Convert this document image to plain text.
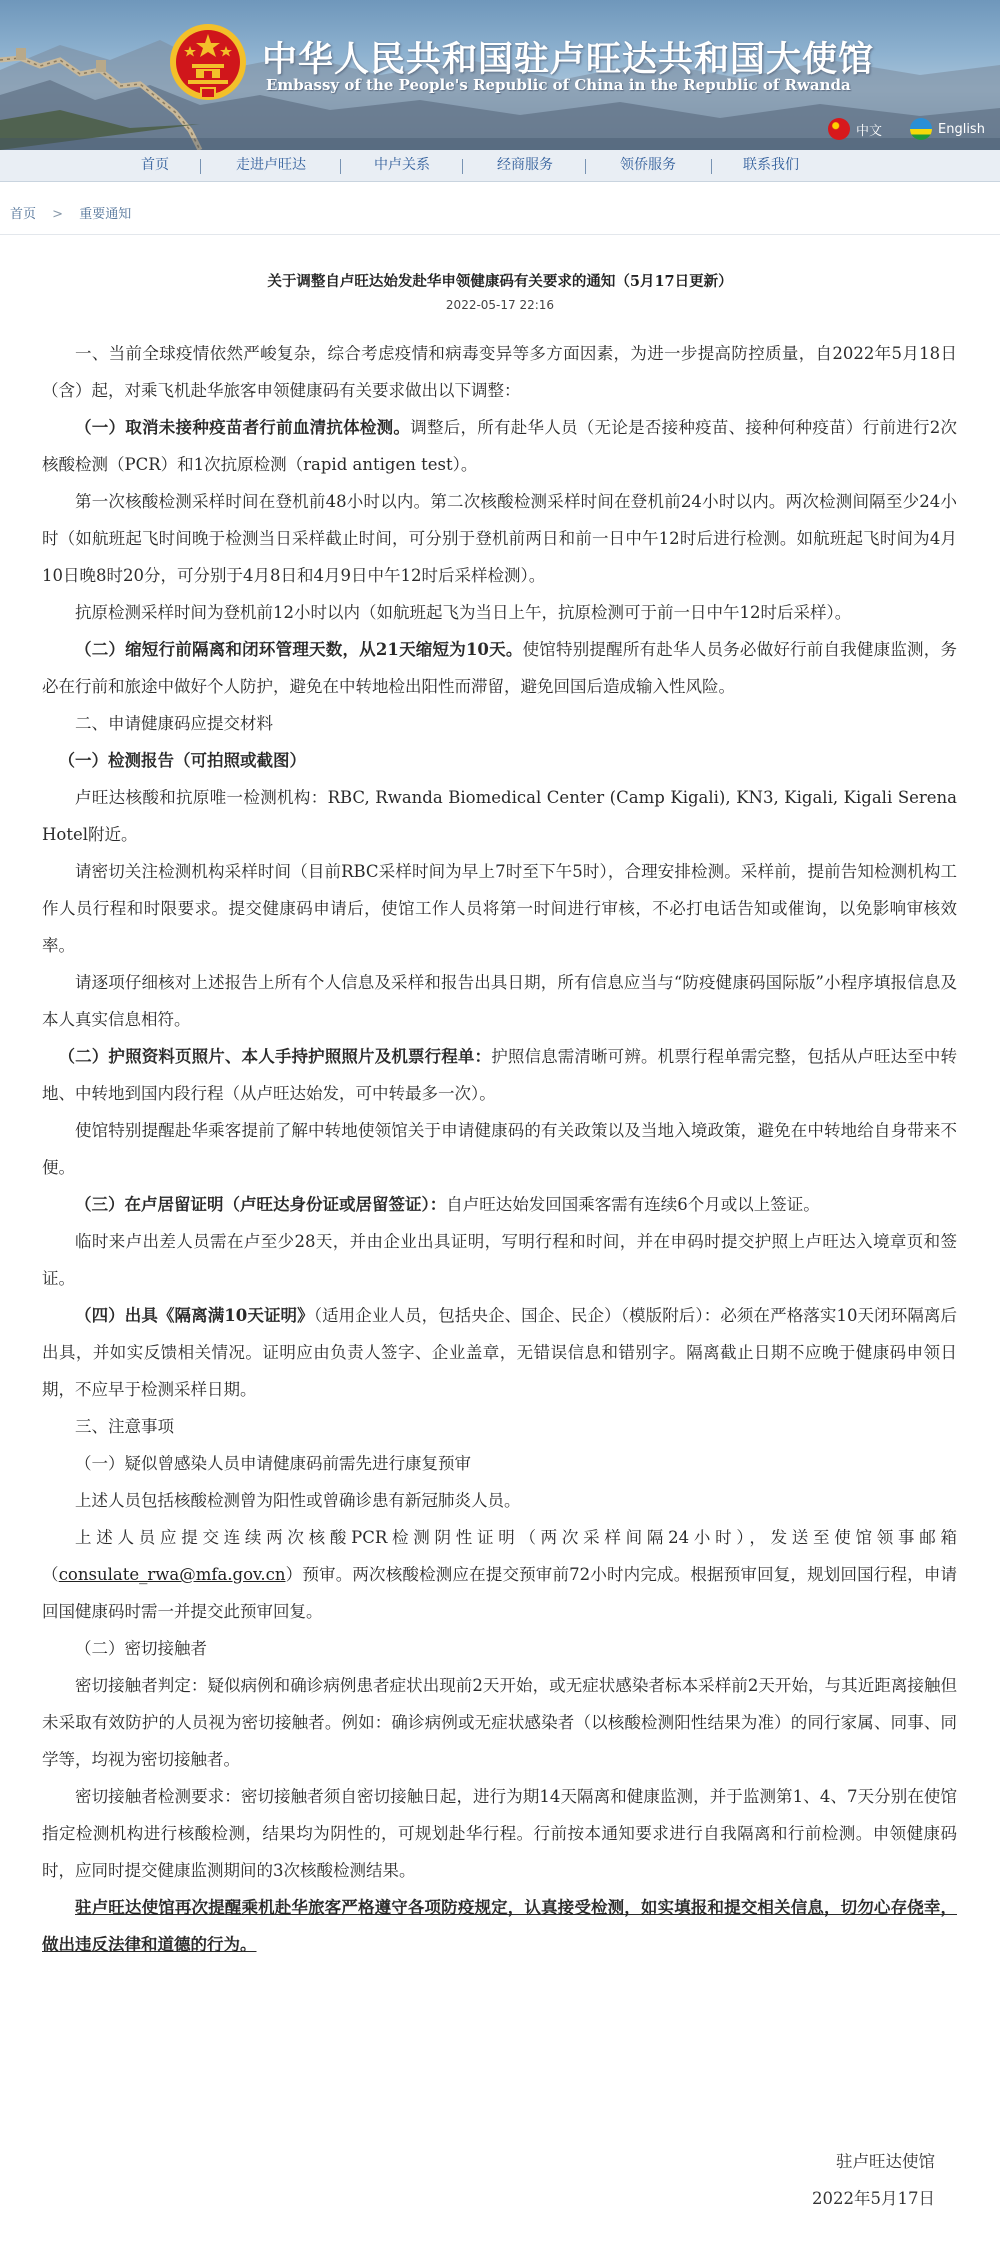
中华人民共和国驻卢旺达共和国大使馆
Embassy of the People's Republic of China in the Republic of Rwanda
中文	English
首页	走进卢旺达	中卢关系	经商服务	领侨服务	联系我们
首页 > 重要通知
关于调整自卢旺达始发赴华申领健康码有关要求的通知（5月17日更新）
2022-05-17 22:16

一、当前全球疫情依然严峻复杂，综合考虑疫情和病毒变异等多方面因素，为进一步提高防控质量，自2022年5月18日（含）起，对乘飞机赴华旅客申领健康码有关要求做出以下调整：

（一）取消未接种疫苗者行前血清抗体检测。调整后，所有赴华人员（无论是否接种疫苗、接种何种疫苗）行前进行2次核酸检测（PCR）和1次抗原检测（rapid antigen test）。

第一次核酸检测采样时间在登机前48小时以内。第二次核酸检测采样时间在登机前24小时以内。两次检测间隔至少24小时（如航班起飞时间晚于检测当日采样截止时间，可分别于登机前两日和前一日中午12时后进行检测。如航班起飞时间为4月10日晚8时20分，可分别于4月8日和4月9日中午12时后采样检测）。

抗原检测采样时间为登机前12小时以内（如航班起飞为当日上午，抗原检测可于前一日中午12时后采样）。

（二）缩短行前隔离和闭环管理天数，从21天缩短为10天。使馆特别提醒所有赴华人员务必做好行前自我健康监测，务必在行前和旅途中做好个人防护，避免在中转地检出阳性而滞留，避免回国后造成输入性风险。

二、申请健康码应提交材料

（一）检测报告（可拍照或截图）

卢旺达核酸和抗原唯一检测机构：RBC, Rwanda Biomedical Center (Camp Kigali), KN3, Kigali, Kigali Serena Hotel附近。

请密切关注检测机构采样时间（目前RBC采样时间为早上7时至下午5时），合理安排检测。采样前，提前告知检测机构工作人员行程和时限要求。提交健康码申请后，使馆工作人员将第一时间进行审核，不必打电话告知或催询，以免影响审核效率。

请逐项仔细核对上述报告上所有个人信息及采样和报告出具日期，所有信息应当与“防疫健康码国际版”小程序填报信息及本人真实信息相符。

（二）护照资料页照片、本人手持护照照片及机票行程单：护照信息需清晰可辨。机票行程单需完整，包括从卢旺达至中转地、中转地到国内段行程（从卢旺达始发，可中转最多一次）。

使馆特别提醒赴华乘客提前了解中转地使领馆关于申请健康码的有关政策以及当地入境政策，避免在中转地给自身带来不便。

（三）在卢居留证明（卢旺达身份证或居留签证）：自卢旺达始发回国乘客需有连续6个月或以上签证。

临时来卢出差人员需在卢至少28天，并由企业出具证明，写明行程和时间，并在申码时提交护照上卢旺达入境章页和签证。

（四）出具《隔离满10天证明》（适用企业人员，包括央企、国企、民企）（模版附后）：必须在严格落实10天闭环隔离后出具，并如实反馈相关情况。证明应由负责人签字、企业盖章，无错误信息和错别字。隔离截止日期不应晚于健康码申领日期，不应早于检测采样日期。

三、注意事项

（一）疑似曾感染人员申请健康码前需先进行康复预审

上述人员包括核酸检测曾为阳性或曾确诊患有新冠肺炎人员。

上述人员应提交连续两次核酸PCR检测阴性证明（两次采样间隔24小时），发送至使馆领事邮箱（consulate_rwa@mfa.gov.cn）预审。两次核酸检测应在提交预审前72小时内完成。根据预审回复，规划回国行程，申请回国健康码时需一并提交此预审回复。

（二）密切接触者

密切接触者判定：疑似病例和确诊病例患者症状出现前2天开始，或无症状感染者标本采样前2天开始，与其近距离接触但未采取有效防护的人员视为密切接触者。例如：确诊病例或无症状感染者（以核酸检测阳性结果为准）的同行家属、同事、同学等，均视为密切接触者。

密切接触者检测要求：密切接触者须自密切接触日起，进行为期14天隔离和健康监测，并于监测第1、4、7天分别在使馆指定检测机构进行核酸检测，结果均为阴性的，可规划赴华行程。行前按本通知要求进行自我隔离和行前检测。申领健康码时，应同时提交健康监测期间的3次核酸检测结果。

驻卢旺达使馆再次提醒乘机赴华旅客严格遵守各项防疫规定，认真接受检测，如实填报和提交相关信息，切勿心存侥幸，做出违反法律和道德的行为。

驻卢旺达使馆
2022年5月17日
